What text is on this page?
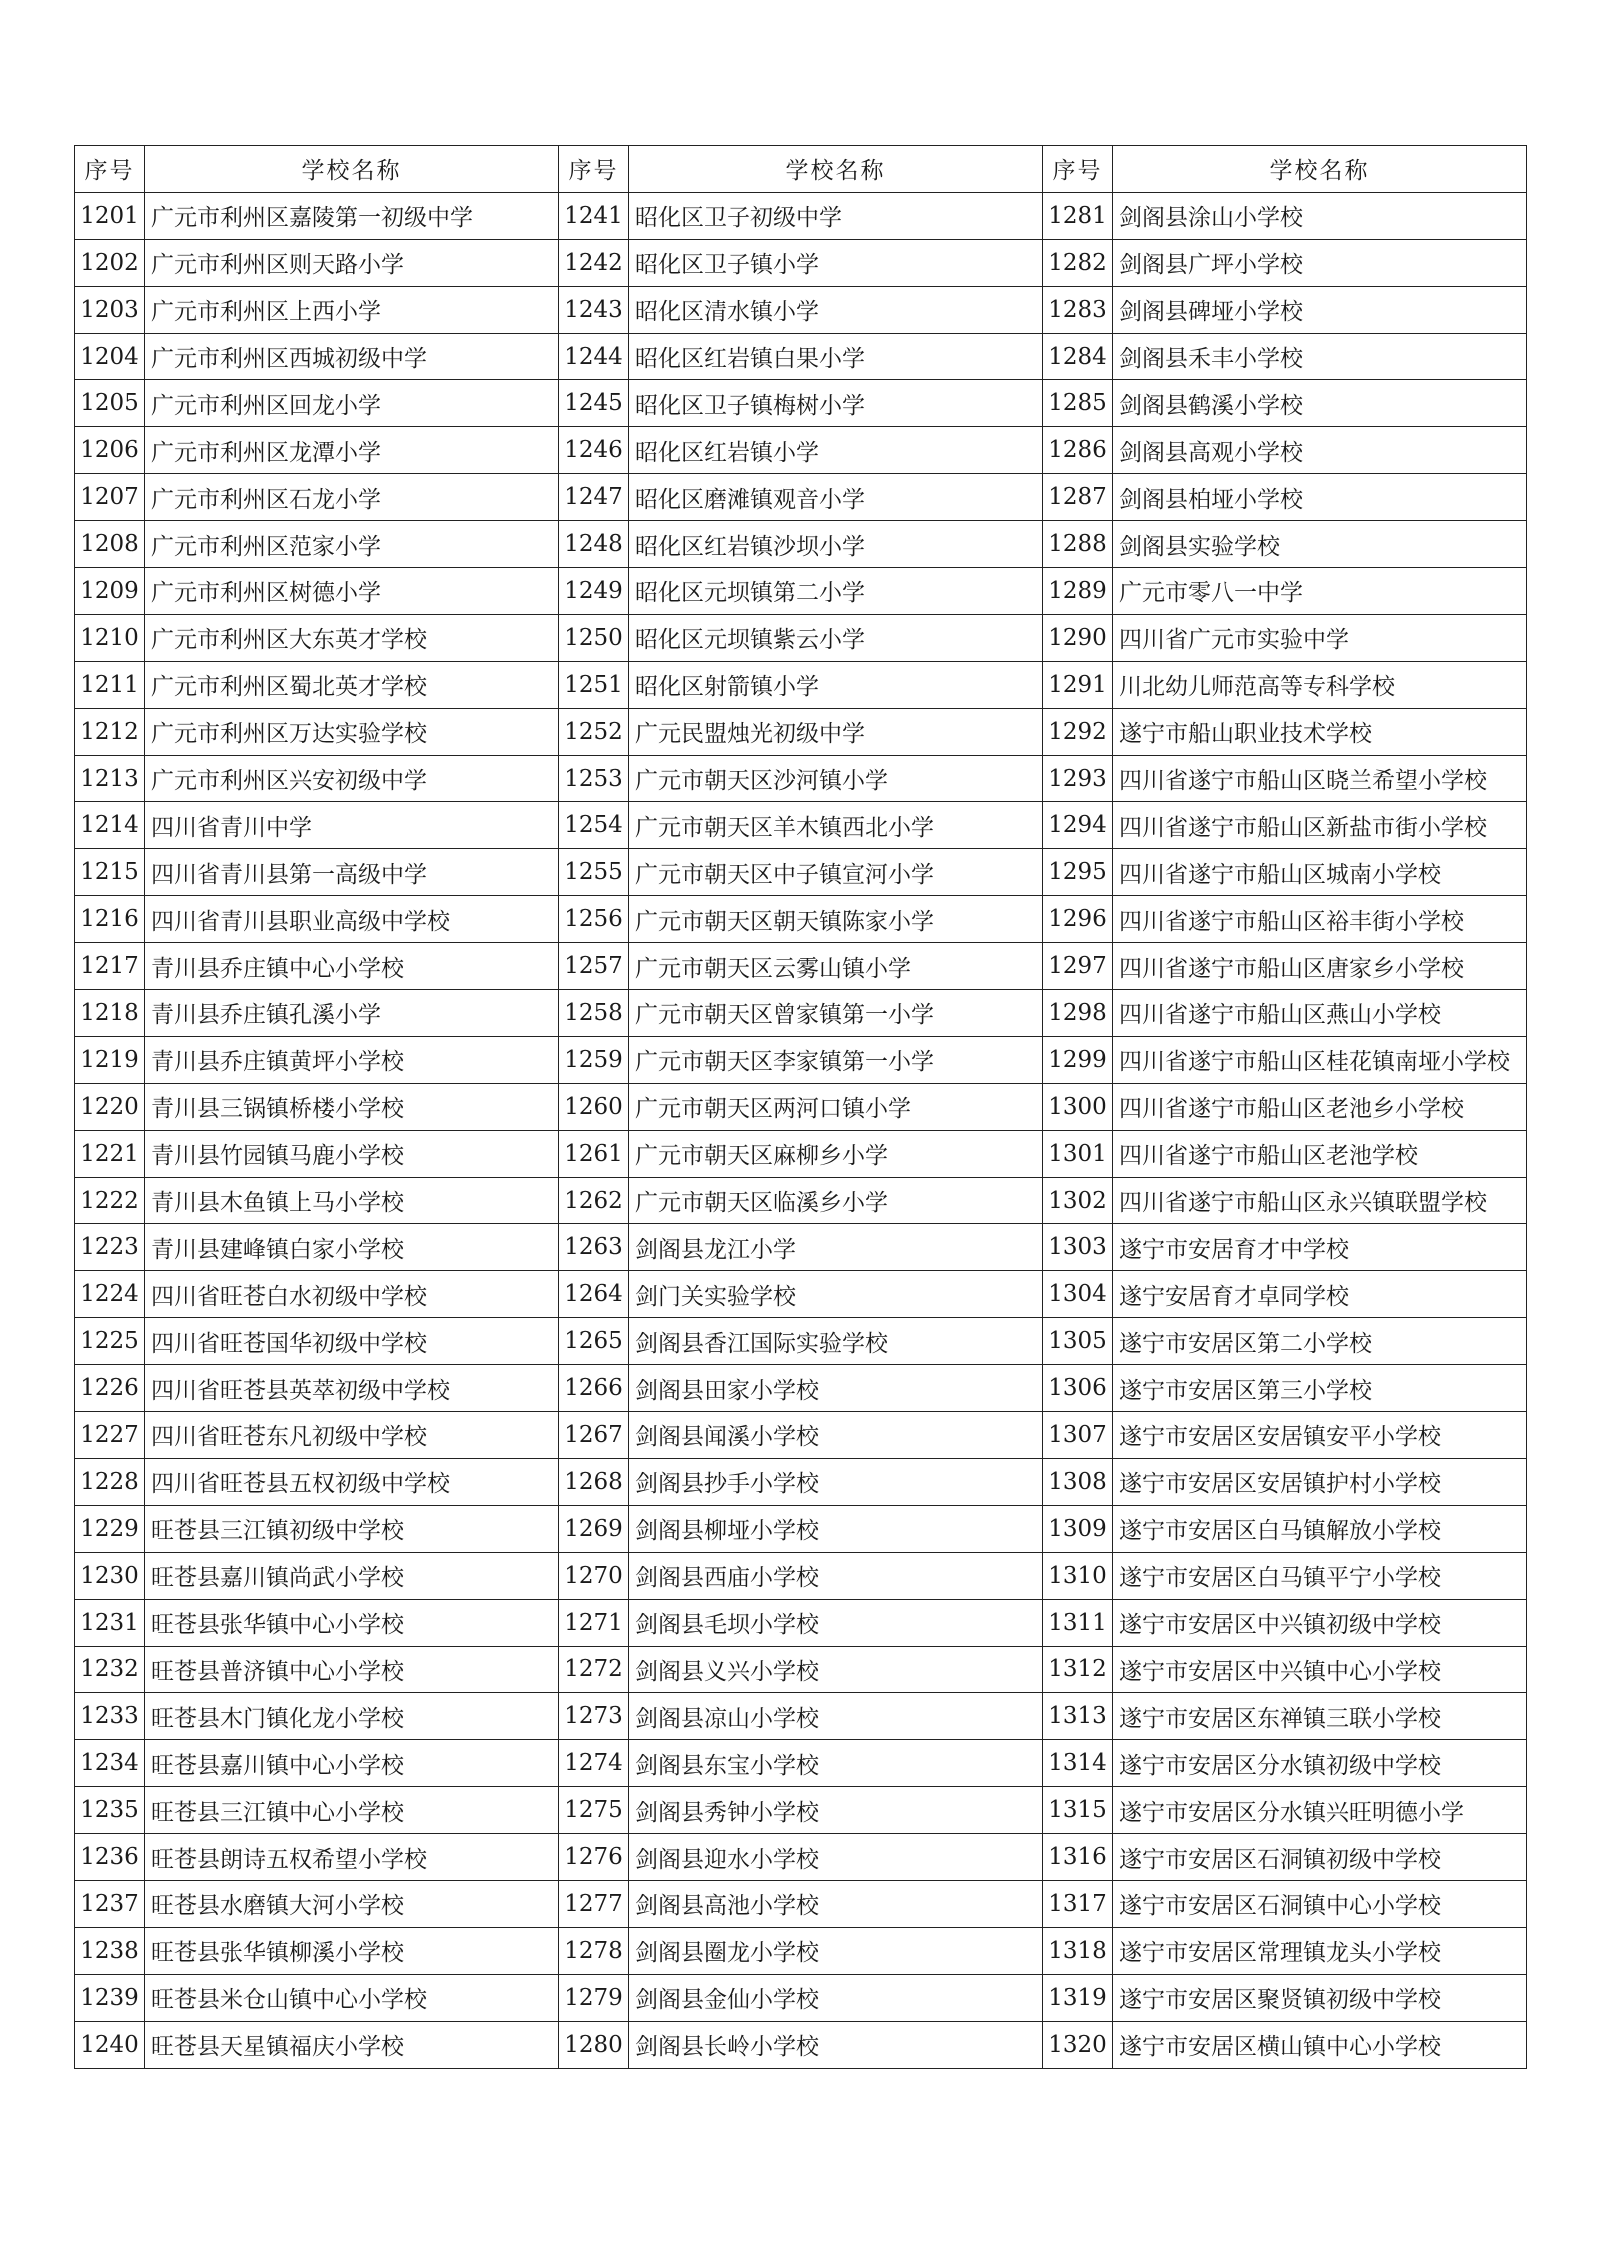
序号	学校名称	序号	学校名称	序号	学校名称
1201	广元市利州区嘉陵第一初级中学	1241	昭化区卫子初级中学	1281	剑阁县涂山小学校
1202	广元市利州区则天路小学	1242	昭化区卫子镇小学	1282	剑阁县广坪小学校
1203	广元市利州区上西小学	1243	昭化区清水镇小学	1283	剑阁县碑垭小学校
1204	广元市利州区西城初级中学	1244	昭化区红岩镇白果小学	1284	剑阁县禾丰小学校
1205	广元市利州区回龙小学	1245	昭化区卫子镇梅树小学	1285	剑阁县鹤溪小学校
1206	广元市利州区龙潭小学	1246	昭化区红岩镇小学	1286	剑阁县高观小学校
1207	广元市利州区石龙小学	1247	昭化区磨滩镇观音小学	1287	剑阁县柏垭小学校
1208	广元市利州区范家小学	1248	昭化区红岩镇沙坝小学	1288	剑阁县实验学校
1209	广元市利州区树德小学	1249	昭化区元坝镇第二小学	1289	广元市零八一中学
1210	广元市利州区大东英才学校	1250	昭化区元坝镇紫云小学	1290	四川省广元市实验中学
1211	广元市利州区蜀北英才学校	1251	昭化区射箭镇小学	1291	川北幼儿师范高等专科学校
1212	广元市利州区万达实验学校	1252	广元民盟烛光初级中学	1292	遂宁市船山职业技术学校
1213	广元市利州区兴安初级中学	1253	广元市朝天区沙河镇小学	1293	四川省遂宁市船山区晓兰希望小学校
1214	四川省青川中学	1254	广元市朝天区羊木镇西北小学	1294	四川省遂宁市船山区新盐市街小学校
1215	四川省青川县第一高级中学	1255	广元市朝天区中子镇宣河小学	1295	四川省遂宁市船山区城南小学校
1216	四川省青川县职业高级中学校	1256	广元市朝天区朝天镇陈家小学	1296	四川省遂宁市船山区裕丰街小学校
1217	青川县乔庄镇中心小学校	1257	广元市朝天区云雾山镇小学	1297	四川省遂宁市船山区唐家乡小学校
1218	青川县乔庄镇孔溪小学	1258	广元市朝天区曾家镇第一小学	1298	四川省遂宁市船山区燕山小学校
1219	青川县乔庄镇黄坪小学校	1259	广元市朝天区李家镇第一小学	1299	四川省遂宁市船山区桂花镇南垭小学校
1220	青川县三锅镇桥楼小学校	1260	广元市朝天区两河口镇小学	1300	四川省遂宁市船山区老池乡小学校
1221	青川县竹园镇马鹿小学校	1261	广元市朝天区麻柳乡小学	1301	四川省遂宁市船山区老池学校
1222	青川县木鱼镇上马小学校	1262	广元市朝天区临溪乡小学	1302	四川省遂宁市船山区永兴镇联盟学校
1223	青川县建峰镇白家小学校	1263	剑阁县龙江小学	1303	遂宁市安居育才中学校
1224	四川省旺苍白水初级中学校	1264	剑门关实验学校	1304	遂宁安居育才卓同学校
1225	四川省旺苍国华初级中学校	1265	剑阁县香江国际实验学校	1305	遂宁市安居区第二小学校
1226	四川省旺苍县英萃初级中学校	1266	剑阁县田家小学校	1306	遂宁市安居区第三小学校
1227	四川省旺苍东凡初级中学校	1267	剑阁县闻溪小学校	1307	遂宁市安居区安居镇安平小学校
1228	四川省旺苍县五权初级中学校	1268	剑阁县抄手小学校	1308	遂宁市安居区安居镇护村小学校
1229	旺苍县三江镇初级中学校	1269	剑阁县柳垭小学校	1309	遂宁市安居区白马镇解放小学校
1230	旺苍县嘉川镇尚武小学校	1270	剑阁县西庙小学校	1310	遂宁市安居区白马镇平宁小学校
1231	旺苍县张华镇中心小学校	1271	剑阁县毛坝小学校	1311	遂宁市安居区中兴镇初级中学校
1232	旺苍县普济镇中心小学校	1272	剑阁县义兴小学校	1312	遂宁市安居区中兴镇中心小学校
1233	旺苍县木门镇化龙小学校	1273	剑阁县凉山小学校	1313	遂宁市安居区东禅镇三联小学校
1234	旺苍县嘉川镇中心小学校	1274	剑阁县东宝小学校	1314	遂宁市安居区分水镇初级中学校
1235	旺苍县三江镇中心小学校	1275	剑阁县秀钟小学校	1315	遂宁市安居区分水镇兴旺明德小学
1236	旺苍县朗诗五权希望小学校	1276	剑阁县迎水小学校	1316	遂宁市安居区石洞镇初级中学校
1237	旺苍县水磨镇大河小学校	1277	剑阁县高池小学校	1317	遂宁市安居区石洞镇中心小学校
1238	旺苍县张华镇柳溪小学校	1278	剑阁县圈龙小学校	1318	遂宁市安居区常理镇龙头小学校
1239	旺苍县米仓山镇中心小学校	1279	剑阁县金仙小学校	1319	遂宁市安居区聚贤镇初级中学校
1240	旺苍县天星镇福庆小学校	1280	剑阁县长岭小学校	1320	遂宁市安居区横山镇中心小学校
